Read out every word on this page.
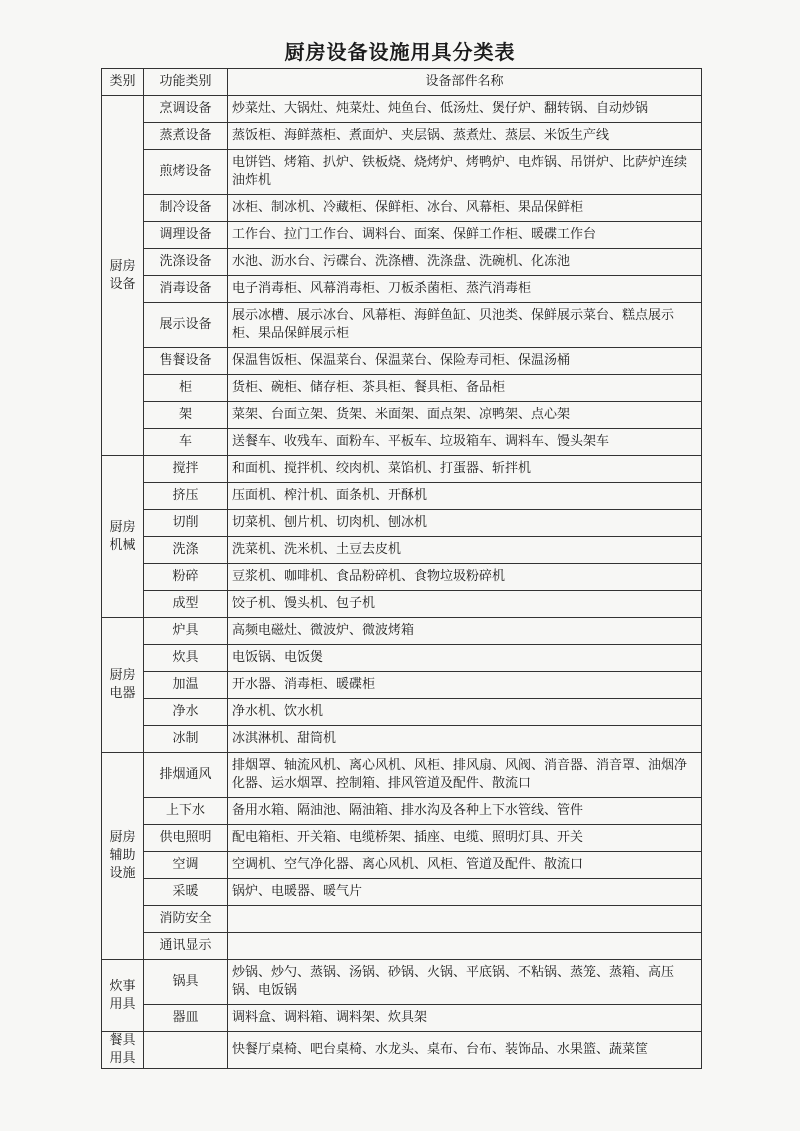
厨房设备设施用具分类表
类别	功能类别	设备部件名称
厨房设备	烹调设备	炒菜灶、大锅灶、炖菜灶、炖鱼台、低汤灶、煲仔炉、翻转锅、自动炒锅
	蒸煮设备	蒸饭柜、海鲜蒸柜、煮面炉、夹层锅、蒸煮灶、蒸层、米饭生产线
	煎烤设备	电饼铛、烤箱、扒炉、铁板烧、烧烤炉、烤鸭炉、电炸锅、吊饼炉、比萨炉连续油炸机
	制冷设备	冰柜、制冰机、冷藏柜、保鲜柜、冰台、风幕柜、果品保鲜柜
	调理设备	工作台、拉门工作台、调料台、面案、保鲜工作柜、暖碟工作台
	洗涤设备	水池、沥水台、污碟台、洗涤槽、洗涤盘、洗碗机、化冻池
	消毒设备	电子消毒柜、风幕消毒柜、刀板杀菌柜、蒸汽消毒柜
	展示设备	展示冰槽、展示冰台、风幕柜、海鲜鱼缸、贝池类、保鲜展示菜台、糕点展示柜、果品保鲜展示柜
	售餐设备	保温售饭柜、保温菜台、保温菜台、保险寿司柜、保温汤桶
	柜	货柜、碗柜、储存柜、茶具柜、餐具柜、备品柜
	架	菜架、台面立架、货架、米面架、面点架、凉鸭架、点心架
	车	送餐车、收残车、面粉车、平板车、垃圾箱车、调料车、馒头架车
厨房机械	搅拌	和面机、搅拌机、绞肉机、菜馅机、打蛋器、斩拌机
	挤压	压面机、榨汁机、面条机、开酥机
	切削	切菜机、刨片机、切肉机、刨冰机
	洗涤	洗菜机、洗米机、土豆去皮机
	粉碎	豆浆机、咖啡机、食品粉碎机、食物垃圾粉碎机
	成型	饺子机、馒头机、包子机
厨房电器	炉具	高频电磁灶、微波炉、微波烤箱
	炊具	电饭锅、电饭煲
	加温	开水器、消毒柜、暖碟柜
	净水	净水机、饮水机
	冰制	冰淇淋机、甜筒机
厨房辅助设施	排烟通风	排烟罩、轴流风机、离心风机、风柜、排风扇、风阀、消音器、消音罩、油烟净化器、运水烟罩、控制箱、排风管道及配件、散流口
	上下水	备用水箱、隔油池、隔油箱、排水沟及各种上下水管线、管件
	供电照明	配电箱柜、开关箱、电缆桥架、插座、电缆、照明灯具、开关
	空调	空调机、空气净化器、离心风机、风柜、管道及配件、散流口
	采暖	锅炉、电暖器、暖气片
	消防安全	
	通讯显示	
炊事用具	锅具	炒锅、炒勺、蒸锅、汤锅、砂锅、火锅、平底锅、不粘锅、蒸笼、蒸箱、高压锅、电饭锅
	器皿	调料盒、调料箱、调料架、炊具架
餐具用具		快餐厅桌椅、吧台桌椅、水龙头、桌布、台布、装饰品、水果篮、蔬菜筐
